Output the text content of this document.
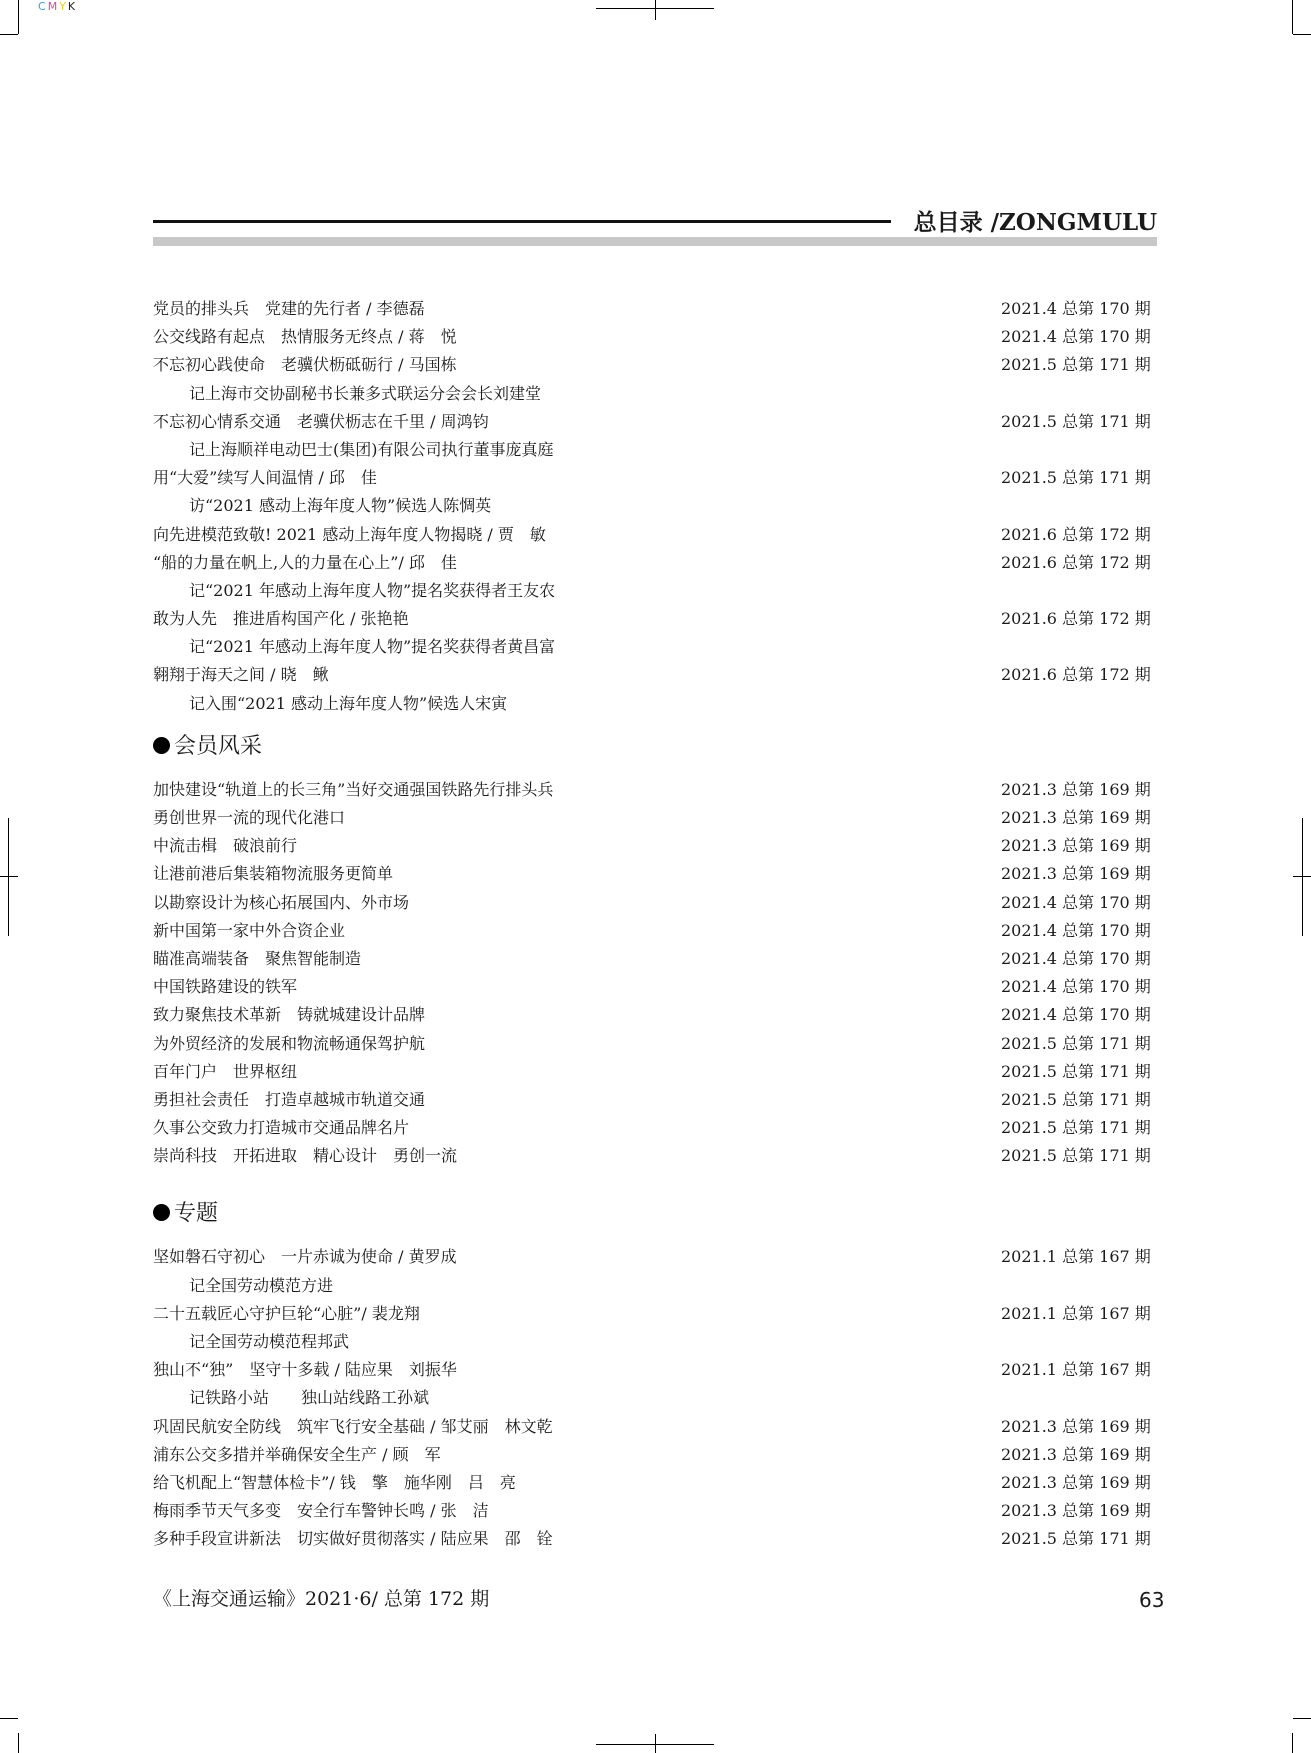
CMYK
总目录 /ZONGMULU
党员的排头兵　党建的先行者 / 李德磊	2021.4 总第 170 期
公交线路有起点　热情服务无终点 / 蒋　悦	2021.4 总第 170 期
不忘初心践使命　老骥伏枥砥砺行 / 马国栋	2021.5 总第 171 期
记上海市交协副秘书长兼多式联运分会会长刘建堂
不忘初心情系交通　老骥伏枥志在千里 / 周鸿钧	2021.5 总第 171 期
记上海顺祥电动巴士(集团)有限公司执行董事庞真庭
用“大爱”续写人间温情 / 邱　佳	2021.5 总第 171 期
访“2021 感动上海年度人物”候选人陈惆英
向先进模范致敬! 2021 感动上海年度人物揭晓 / 贾　敏	2021.6 总第 172 期
“船的力量在帆上,人的力量在心上”/ 邱　佳	2021.6 总第 172 期
记“2021 年感动上海年度人物”提名奖获得者王友农
敢为人先　推进盾构国产化 / 张艳艳	2021.6 总第 172 期
记“2021 年感动上海年度人物”提名奖获得者黄昌富
翱翔于海天之间 / 晓　鳅	2021.6 总第 172 期
记入围“2021 感动上海年度人物”候选人宋寅
会员风采
加快建设“轨道上的长三角”当好交通强国铁路先行排头兵	2021.3 总第 169 期
勇创世界一流的现代化港口	2021.3 总第 169 期
中流击楫　破浪前行	2021.3 总第 169 期
让港前港后集装箱物流服务更简单	2021.3 总第 169 期
以勘察设计为核心拓展国内、外市场	2021.4 总第 170 期
新中国第一家中外合资企业	2021.4 总第 170 期
瞄准高端装备　聚焦智能制造	2021.4 总第 170 期
中国铁路建设的铁军	2021.4 总第 170 期
致力聚焦技术革新　铸就城建设计品牌	2021.4 总第 170 期
为外贸经济的发展和物流畅通保驾护航	2021.5 总第 171 期
百年门户　世界枢纽	2021.5 总第 171 期
勇担社会责任　打造卓越城市轨道交通	2021.5 总第 171 期
久事公交致力打造城市交通品牌名片	2021.5 总第 171 期
崇尚科技　开拓进取　精心设计　勇创一流	2021.5 总第 171 期
专题
坚如磐石守初心　一片赤诚为使命 / 黄罗成	2021.1 总第 167 期
记全国劳动模范方进
二十五载匠心守护巨轮“心脏”/ 裴龙翔	2021.1 总第 167 期
记全国劳动模范程邦武
独山不“独”　坚守十多载 / 陆应果　刘振华	2021.1 总第 167 期
记铁路小站　　独山站线路工孙斌
巩固民航安全防线　筑牢飞行安全基础 / 邹艾丽　林文乾	2021.3 总第 169 期
浦东公交多措并举确保安全生产 / 顾　军	2021.3 总第 169 期
给飞机配上“智慧体检卡”/ 钱　擎　施华刚　吕　亮	2021.3 总第 169 期
梅雨季节天气多变　安全行车警钟长鸣 / 张　洁	2021.3 总第 169 期
多种手段宣讲新法　切实做好贯彻落实 / 陆应果　邵　铨	2021.5 总第 171 期
《上海交通运输》2021·6/ 总第 172 期	63
